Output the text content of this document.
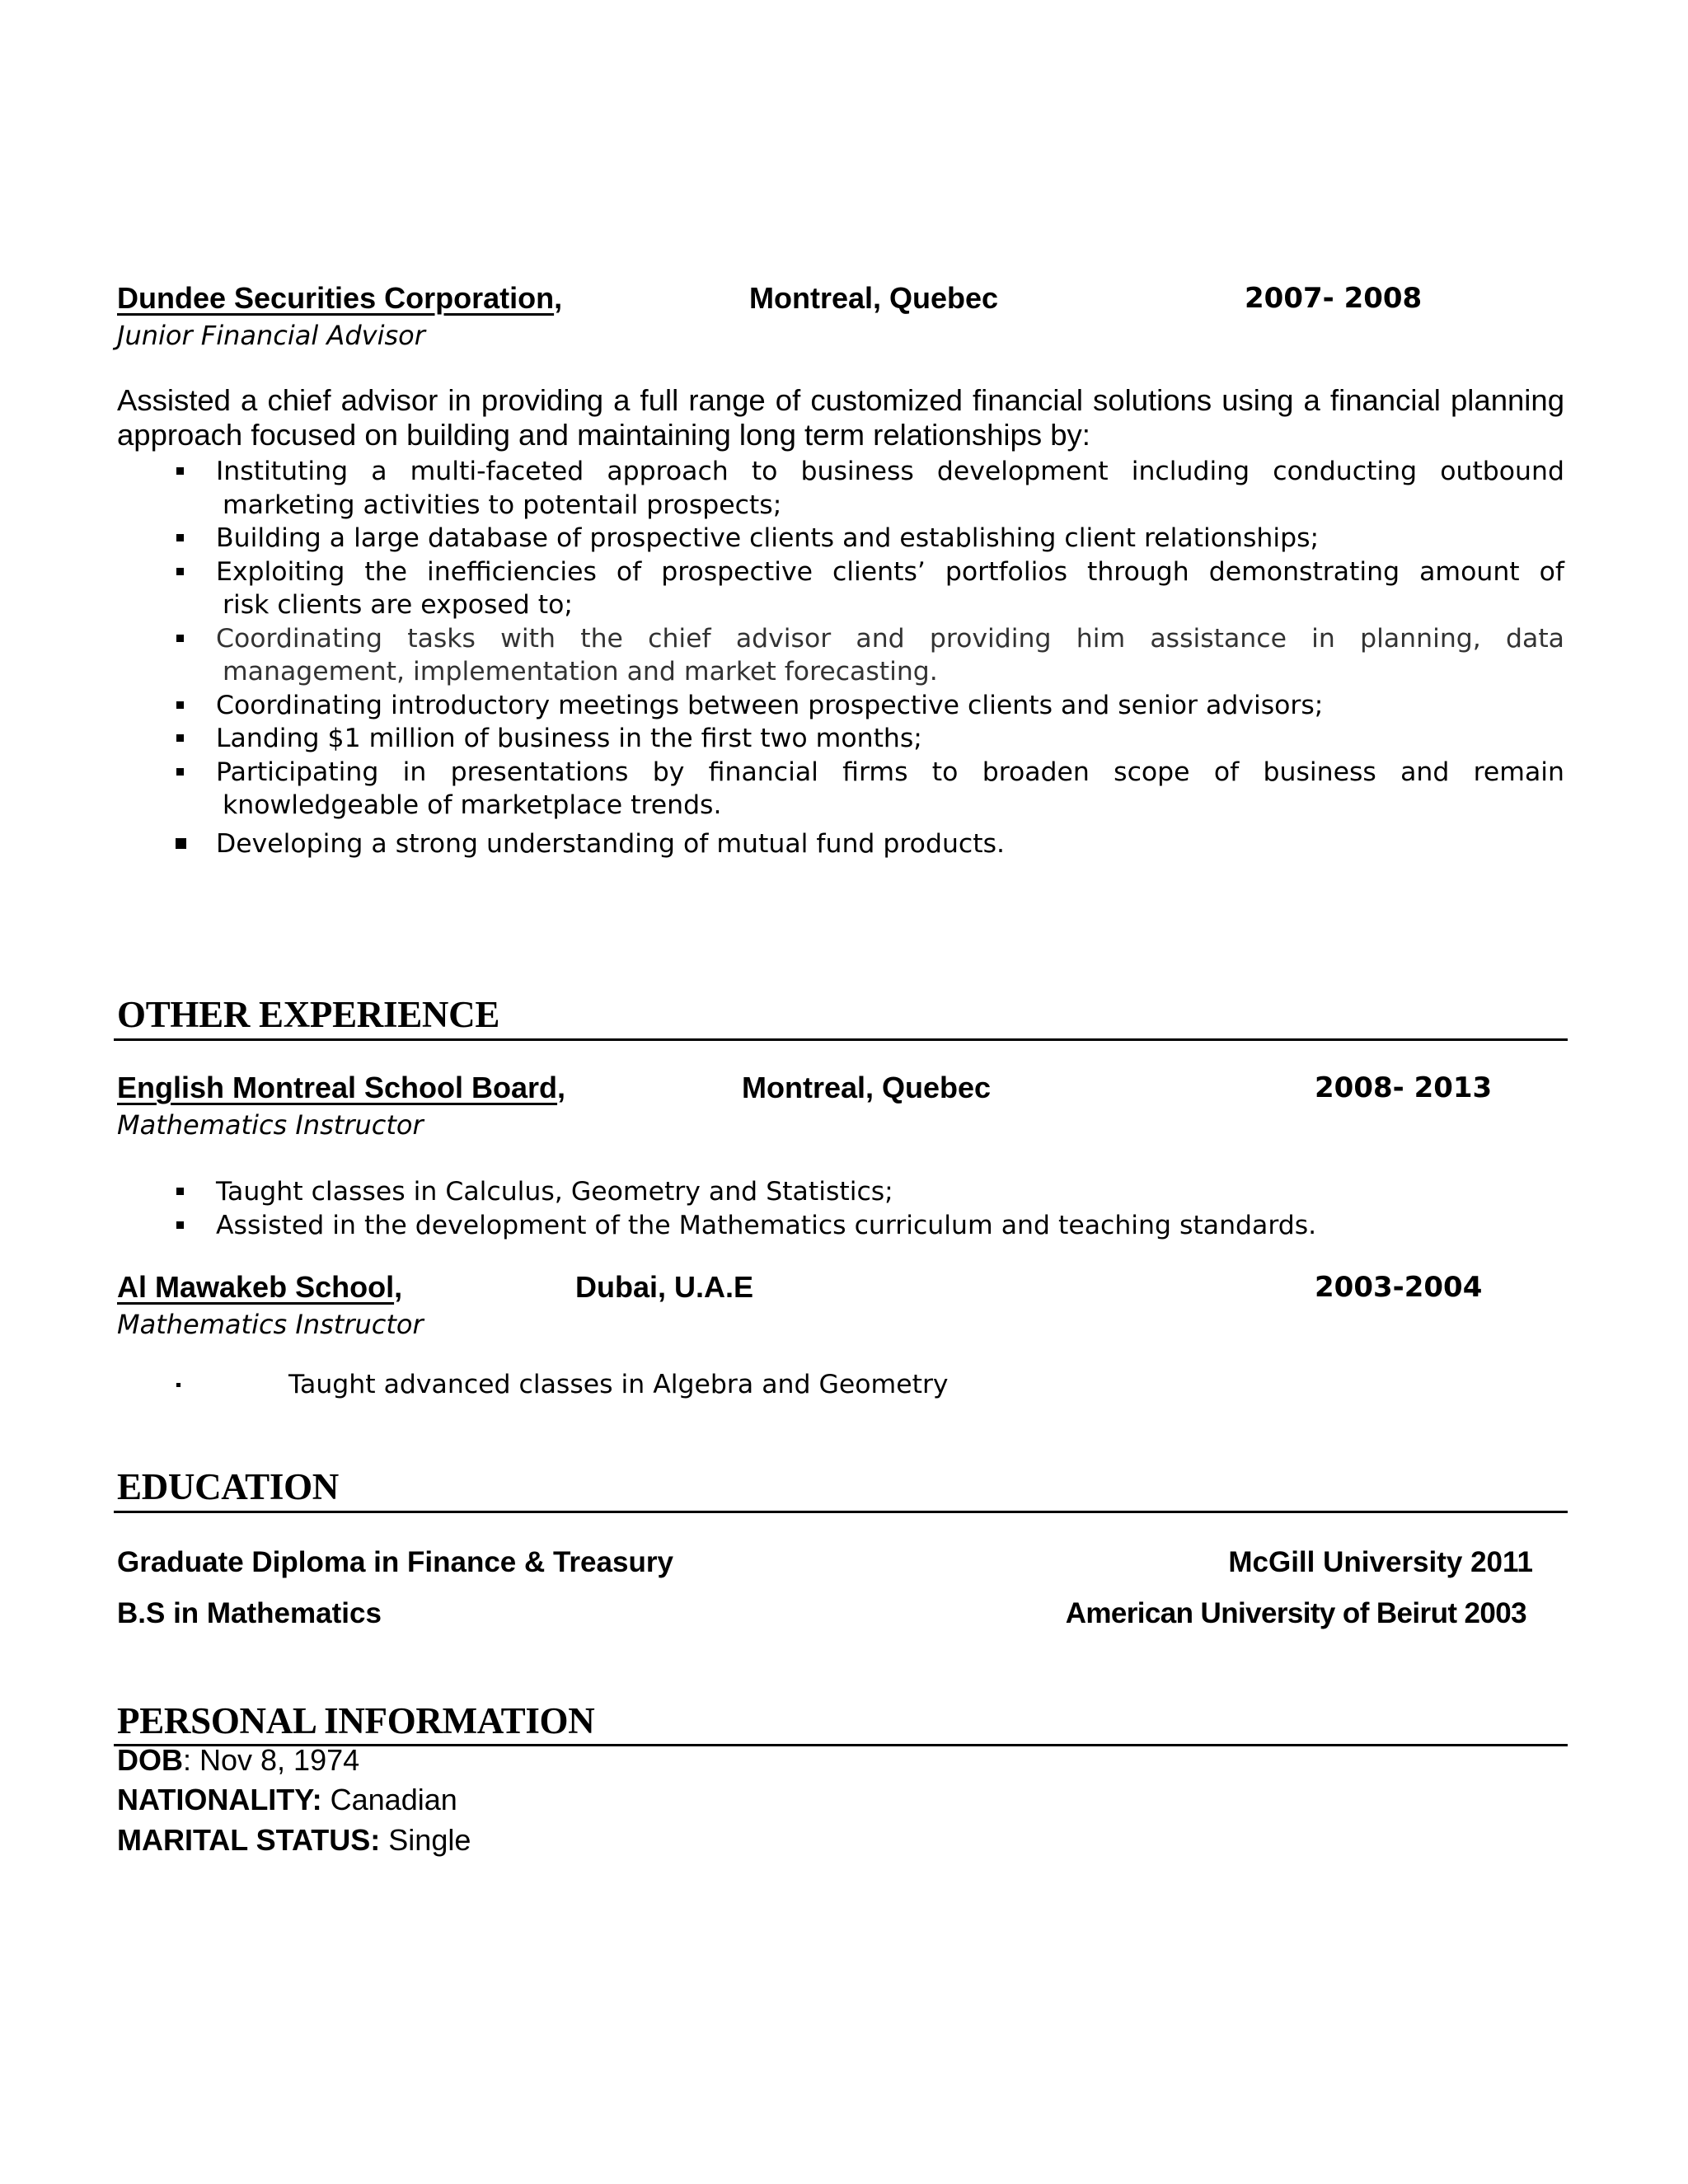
Dundee Securities Corporation,	Montreal, Quebec	2007- 2008
Junior Financial Advisor
Assisted a chief advisor in providing a full range of customized financial solutions using a financial planning
approach focused on building and maintaining long term relationships by:
Instituting a multi-faceted approach to business development including conducting outbound
marketing activities to potentail prospects;
Building a large database of prospective clients and establishing client relationships;
Exploiting the inefficiencies of prospective clients’ portfolios through demonstrating amount of
risk clients are exposed to;
Coordinating tasks with the chief advisor and providing him assistance in planning, data
management, implementation and market forecasting.
Coordinating introductory meetings between prospective clients and senior advisors;
Landing $1 million of business in the first two months;
Participating in presentations by financial firms to broaden scope of business and remain
knowledgeable of marketplace trends.
Developing a strong understanding of mutual fund products.
OTHER EXPERIENCE
English Montreal School Board,	Montreal, Quebec	2008- 2013
Mathematics Instructor
Taught classes in Calculus, Geometry and Statistics;
Assisted in the development of the Mathematics curriculum and teaching standards.
Al Mawakeb School,	Dubai, U.A.E	2003-2004
Mathematics Instructor
Taught advanced classes in Algebra and Geometry
EDUCATION
Graduate Diploma in Finance & Treasury	McGill University 2011
B.S in Mathematics	American University of Beirut 2003
PERSONAL INFORMATION
DOB: Nov 8, 1974
NATIONALITY: Canadian
MARITAL STATUS: Single
